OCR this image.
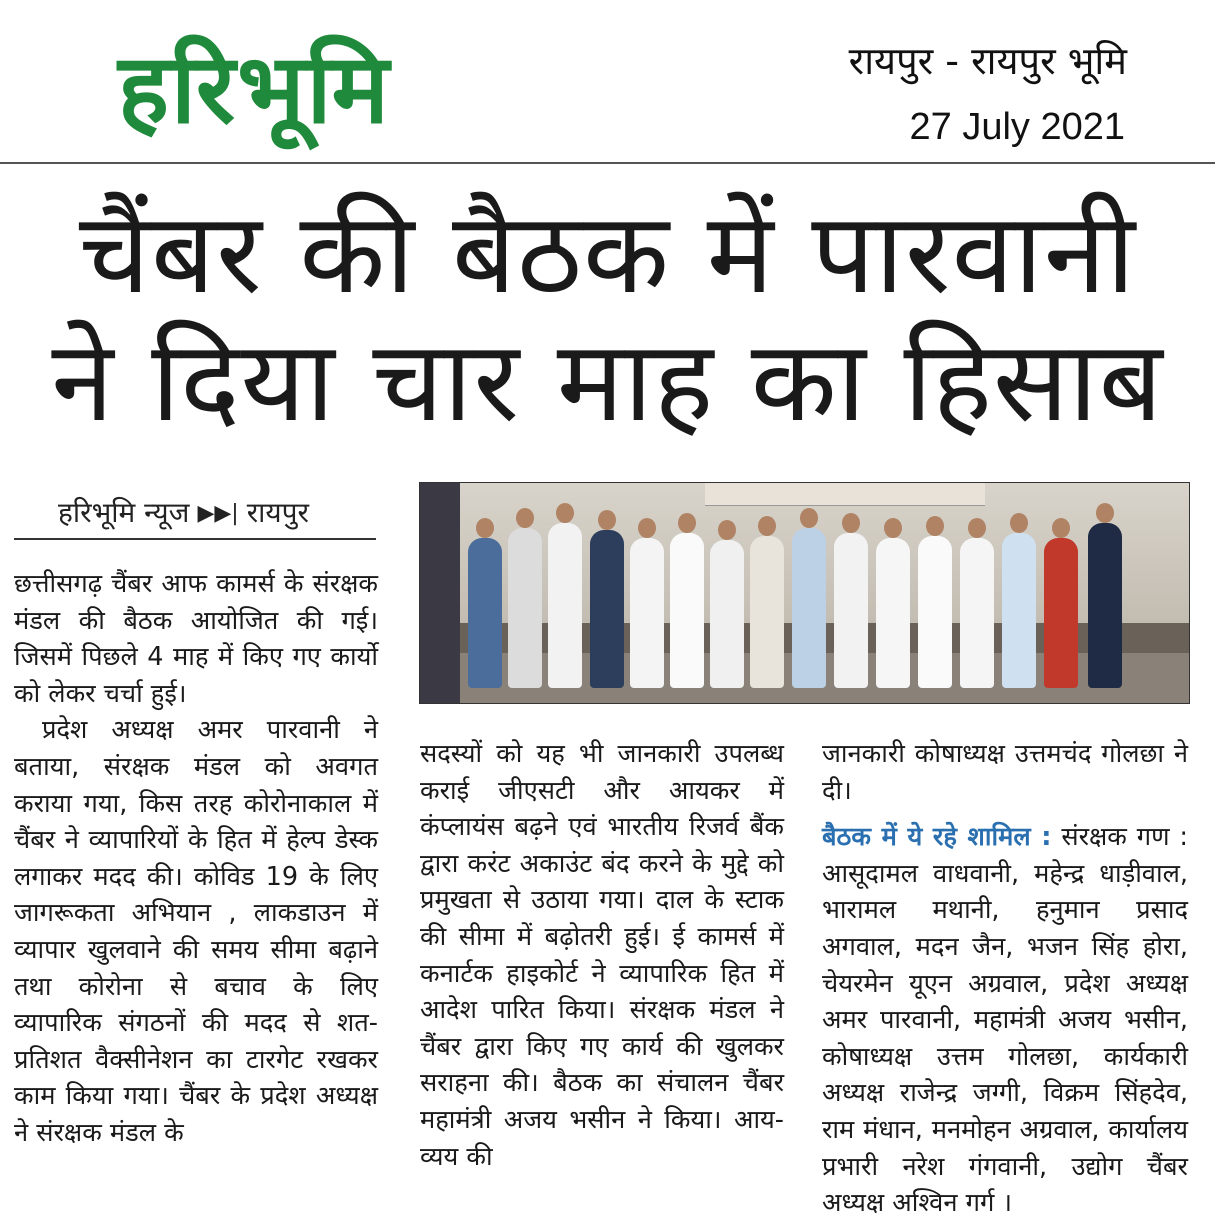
हरिभूमि	रायपुर - रायपुर भूमि
27 July 2021
चैंबर की बैठक में पारवानी
ने दिया चार माह का हिसाब
हरिभूमि न्यूज ▶▶| रायपुर

छत्तीसगढ़ चैंबर आफ कामर्स के संरक्षक मंडल की बैठक आयोजित की गई। जिसमें पिछले 4 माह में किए गए कार्यो को लेकर चर्चा हुई।

प्रदेश अध्यक्ष अमर पारवानी ने बताया, संरक्षक मंडल को अवगत कराया गया, किस तरह कोरोनाकाल में चैंबर ने व्यापारियों के हित में हेल्प डेस्क लगाकर मदद की। कोविड 19 के लिए जागरूकता अभियान , लाकडाउन में व्यापार खुलवाने की समय सीमा बढ़ाने तथा कोरोना से बचाव के लिए व्यापारिक संगठनों की मदद से शत-प्रतिशत वैक्सीनेशन का टारगेट रखकर काम किया गया। चैंबर के प्रदेश अध्यक्ष ने संरक्षक मंडल के

सदस्यों को यह भी जानकारी उपलब्ध कराई जीएसटी और आयकर में कंप्लायंस बढ़ने एवं भारतीय रिजर्व बैंक द्वारा करंट अकाउंट बंद करने के मुद्दे को प्रमुखता से उठाया गया। दाल के स्टाक की सीमा में बढ़ोतरी हुई। ई कामर्स में कनार्टक हाइकोर्ट ने व्यापारिक हित में आदेश पारित किया। संरक्षक मंडल ने चैंबर द्वारा किए गए कार्य की खुलकर सराहना की। बैठक का संचालन चैंबर महामंत्री अजय भसीन ने किया। आय-व्यय की

जानकारी कोषाध्यक्ष उत्तमचंद गोलछा ने दी।

बैठक में ये रहे शामिल : संरक्षक गण : आसूदामल वाधवानी, महेन्द्र धाड़ीवाल, भारामल मथानी, हनुमान प्रसाद अगवाल, मदन जैन, भजन सिंह होरा, चेयरमेन यूएन अग्रवाल, प्रदेश अध्यक्ष अमर पारवानी, महामंत्री अजय भसीन, कोषाध्यक्ष उत्तम गोलछा, कार्यकारी अध्यक्ष राजेन्द्र जग्गी, विक्रम सिंहदेव, राम मंधान, मनमोहन अग्रवाल, कार्यालय प्रभारी नरेश गंगवानी, उद्योग चैंबर अध्यक्ष अश्विन गर्ग ।
